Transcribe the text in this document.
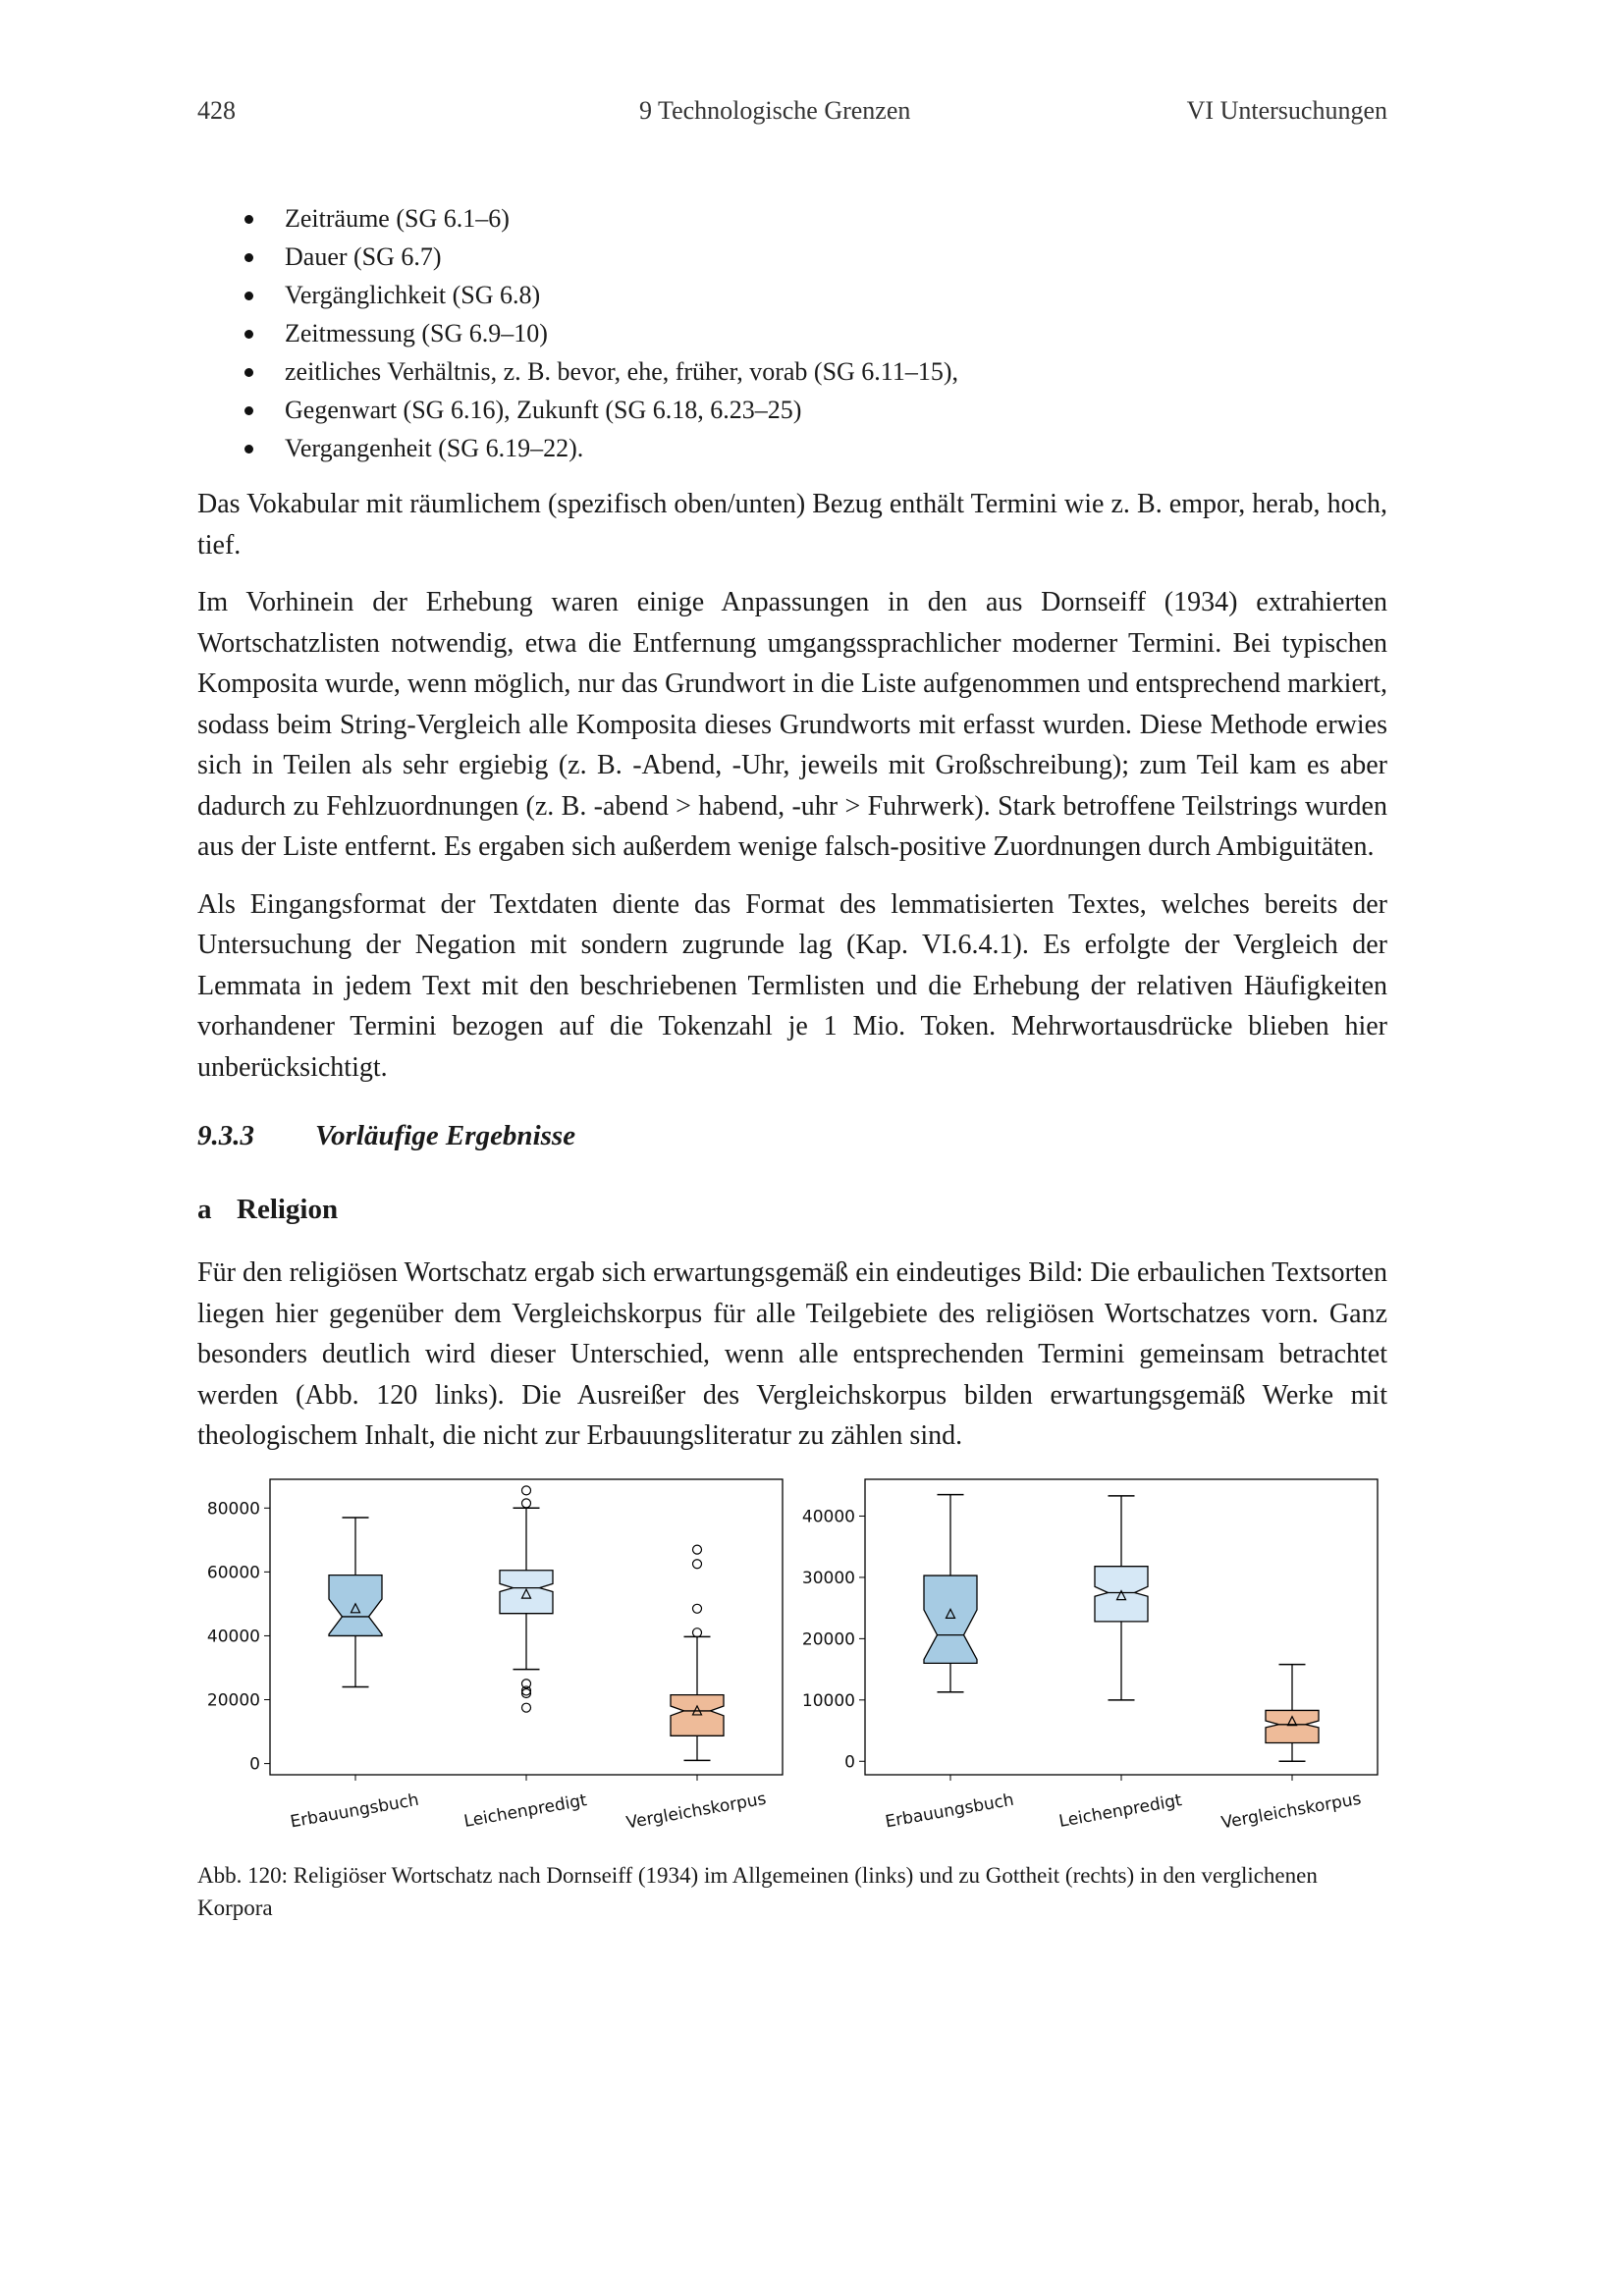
428	9 Technologische Grenzen	VI Untersuchungen
Zeiträume (SG 6.1–6)
Dauer (SG 6.7)
Vergänglichkeit (SG 6.8)
Zeitmessung (SG 6.9–10)
zeitliches Verhältnis, z. B. bevor, ehe, früher, vorab (SG 6.11–15),
Gegenwart (SG 6.16), Zukunft (SG 6.18, 6.23–25)
Vergangenheit (SG 6.19–22).

Das Vokabular mit räumlichem (spezifisch oben/unten) Bezug enthält Termini wie z. B. empor, herab, hoch, tief.

Im Vorhinein der Erhebung waren einige Anpassungen in den aus Dornseiff (1934) extrahierten Wortschatzlisten notwendig, etwa die Entfernung umgangssprachlicher moderner Termini. Bei typischen Komposita wurde, wenn möglich, nur das Grundwort in die Liste aufgenommen und entsprechend markiert, sodass beim String-Vergleich alle Komposita dieses Grundworts mit erfasst wurden. Diese Methode erwies sich in Teilen als sehr ergiebig (z. B. -Abend, -Uhr, jeweils mit Großschreibung); zum Teil kam es aber dadurch zu Fehlzuordnungen (z. B. -abend > habend, -uhr > Fuhrwerk). Stark betroffene Teilstrings wurden aus der Liste entfernt. Es ergaben sich außerdem wenige falsch-positive Zuordnungen durch Ambiguitäten.

Als Eingangsformat der Textdaten diente das Format des lemmatisierten Textes, welches bereits der Untersuchung der Negation mit sondern zugrunde lag (Kap. VI.6.4.1). Es erfolgte der Vergleich der Lemmata in jedem Text mit den beschriebenen Termlisten und die Erhebung der relativen Häufigkeiten vorhandener Termini bezogen auf die Tokenzahl je 1 Mio. Token. Mehrwortausdrücke blieben hier unberücksichtigt.

9.3.3 Vorläufige Ergebnisse
a Religion

Für den religiösen Wortschatz ergab sich erwartungsgemäß ein eindeutiges Bild: Die erbaulichen Textsorten liegen hier gegenüber dem Vergleichskorpus für alle Teilgebiete des religiösen Wortschatzes vorn. Ganz besonders deutlich wird dieser Unterschied, wenn alle entsprechenden Termini gemeinsam betrachtet werden (Abb. 120 links). Die Ausreißer des Vergleichskorpus bilden erwartungsgemäß Werke mit theologischem Inhalt, die nicht zur Erbauungsliteratur zu zählen sind.

0
20000
40000
60000
80000
Erbauungsbuch	Leichenpredigt Vergleichskorpus
0
10000
20000
30000
40000
Erbauungsbuch	Leichenpredigt Vergleichskorpus
Abb. 120: Religiöser Wortschatz nach Dornseiff (1934) im Allgemeinen (links) und zu Gottheit (rechts) in den verglichenen Korpora
